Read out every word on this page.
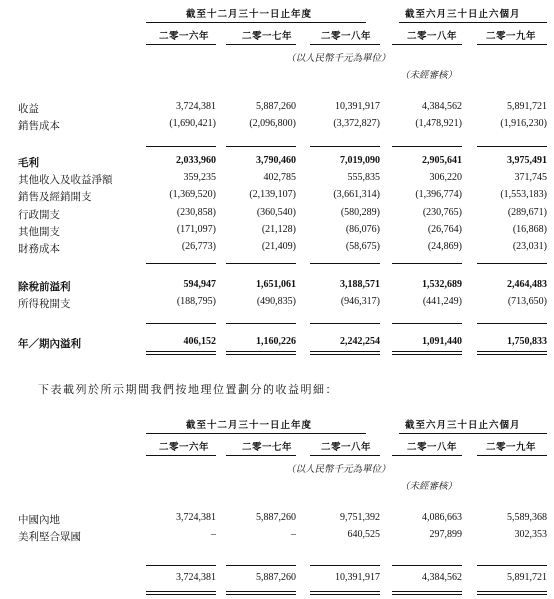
截至十二月三十一日止年度	截至六月三十日止六個月
二零一六年	二零一七年	二零一八年	二零一八年	二零一九年
（以人民幣千元為單位）
（未經審核）
收益	3,724,381	5,887,260	10,391,917	4,384,562	5,891,721
銷售成本	(1,690,421)	(2,096,800)	(3,372,827)	(1,478,921)	(1,916,230)
毛利	2,033,960	3,790,460	7,019,090	2,905,641	3,975,491
其他收入及收益淨額	359,235	402,785	555,835	306,220	371,745
銷售及經銷開支	(1,369,520)	(2,139,107)	(3,661,314)	(1,396,774)	(1,553,183)
行政開支	(230,858)	(360,540)	(580,289)	(230,765)	(289,671)
其他開支	(171,097)	(21,128)	(86,076)	(26,764)	(16,868)
財務成本	(26,773)	(21,409)	(58,675)	(24,869)	(23,031)
除稅前溢利	594,947	1,651,061	3,188,571	1,532,689	2,464,483
所得稅開支	(188,795)	(490,835)	(946,317)	(441,249)	(713,650)
年／期內溢利	406,152	1,160,226	2,242,254	1,091,440	1,750,833
下表載列於所示期間我們按地理位置劃分的收益明細：
截至十二月三十一日止年度	截至六月三十日止六個月
二零一六年	二零一七年	二零一八年	二零一八年	二零一九年
（以人民幣千元為單位）
（未經審核）
中國內地	3,724,381	5,887,260	9,751,392	4,086,663	5,589,368
美利堅合眾國	–	–	640,525	297,899	302,353
3,724,381	5,887,260	10,391,917	4,384,562	5,891,721
